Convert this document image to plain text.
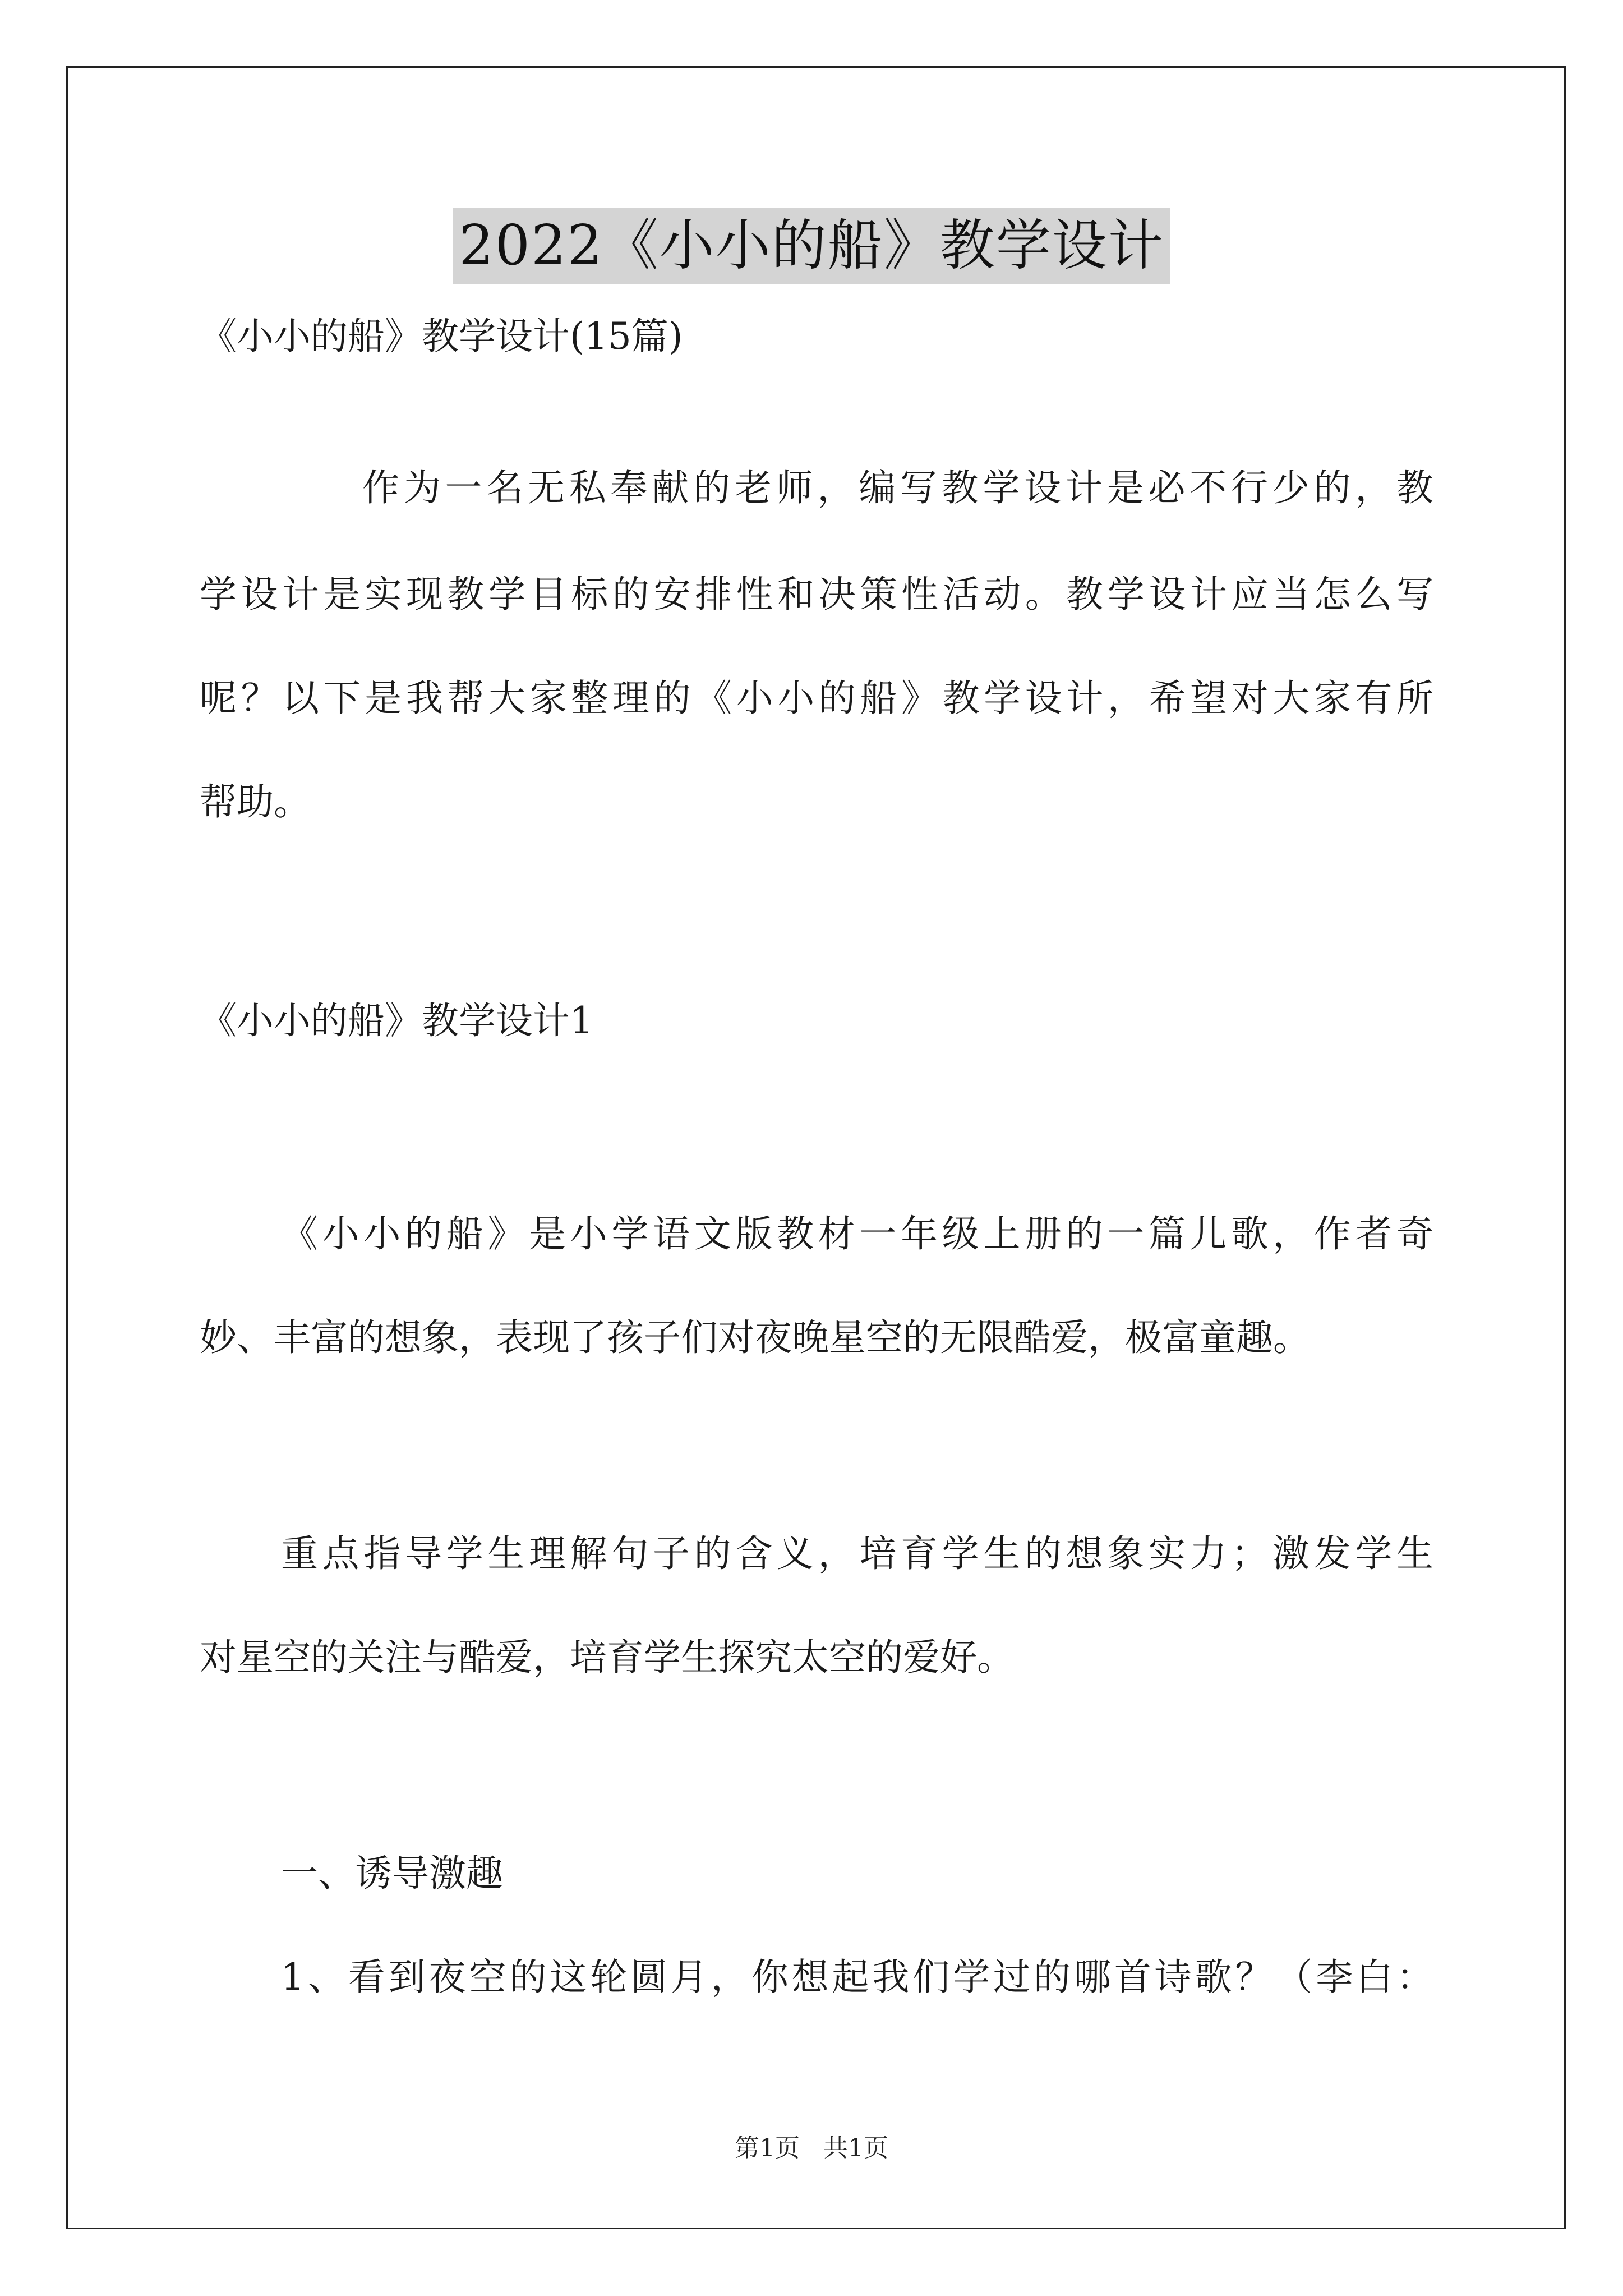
2022《小小的船》教学设计
《小小的船》教学设计(15篇)
作为一名无私奉献的老师，编写教学设计是必不行少的，教
学设计是实现教学目标的安排性和决策性活动。教学设计应当怎么写
呢？以下是我帮大家整理的《小小的船》教学设计，希望对大家有所
帮助。
《小小的船》教学设计1
《小小的船》是小学语文版教材一年级上册的一篇儿歌，作者奇
妙、丰富的想象，表现了孩子们对夜晚星空的无限酷爱，极富童趣。
重点指导学生理解句子的含义，培育学生的想象实力；激发学生
对星空的关注与酷爱，培育学生探究太空的爱好。
一、诱导激趣
1、看到夜空的这轮圆月，你想起我们学过的哪首诗歌？（李白：
第1页 共1页
